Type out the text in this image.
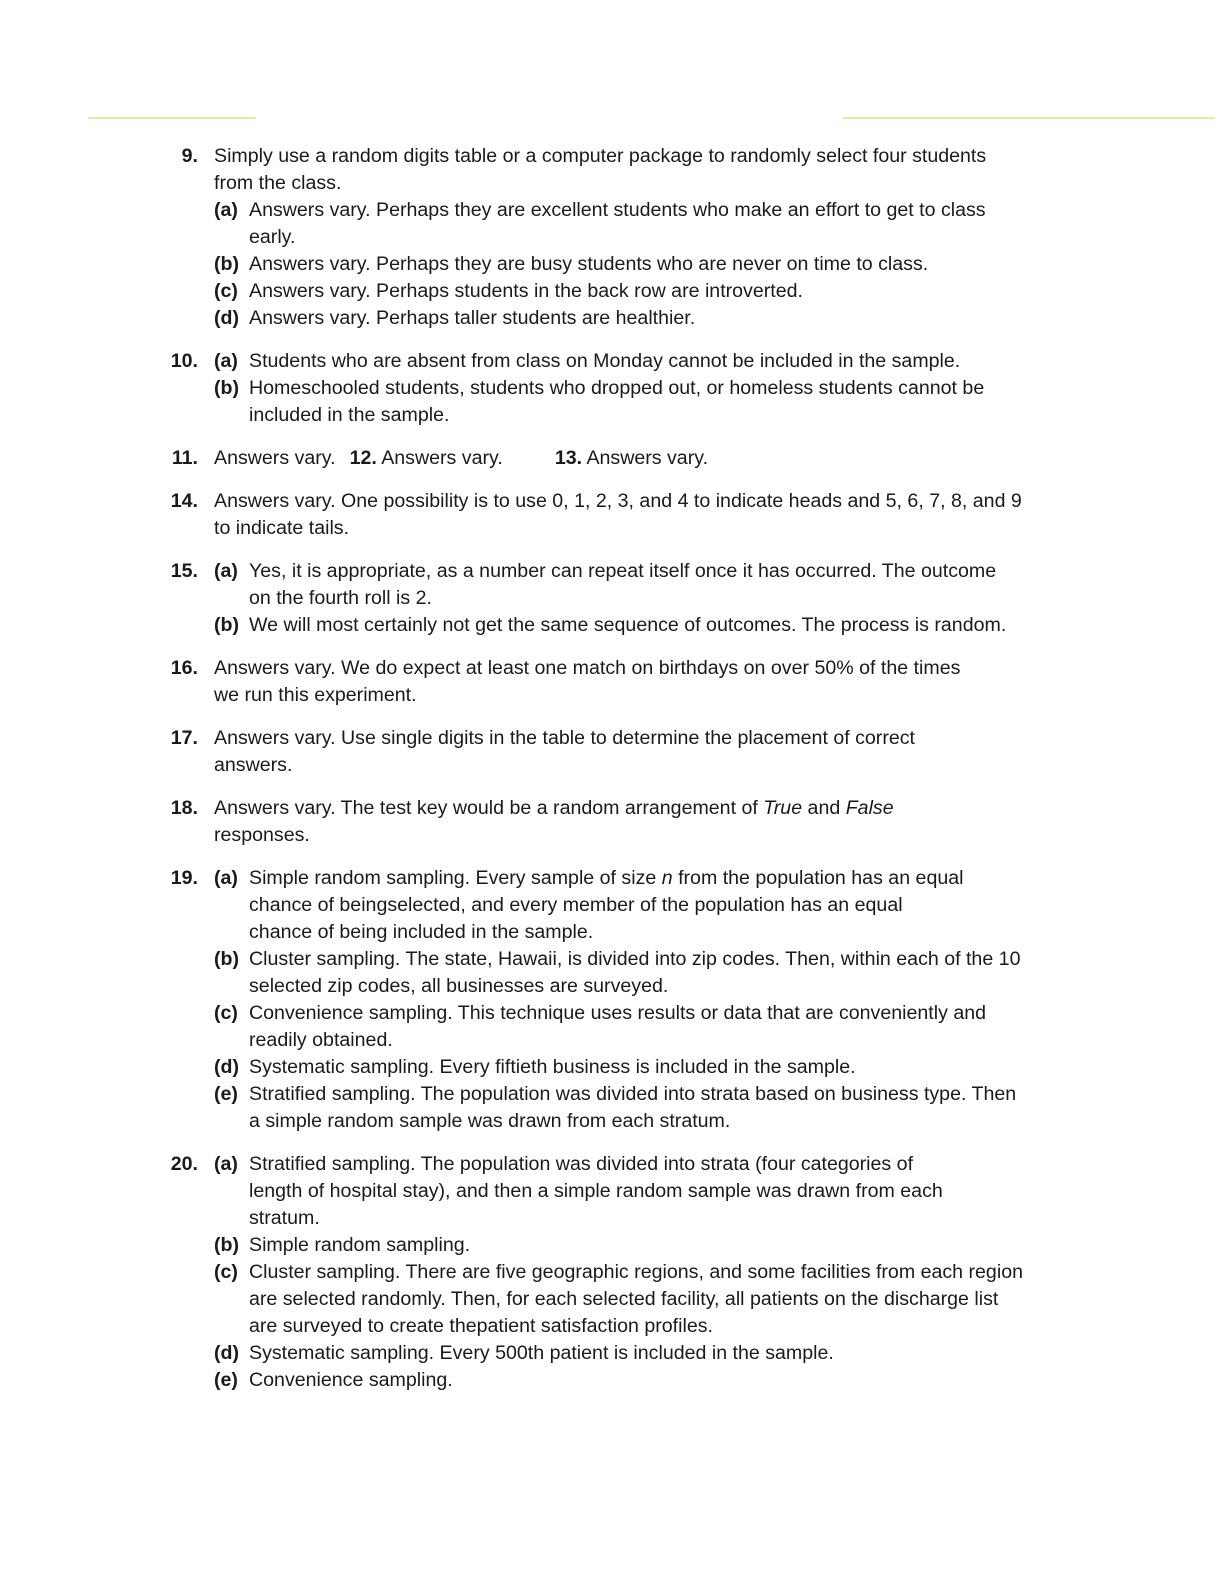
9. Simply use a random digits table or a computer package to randomly select four students
from the class.
(a) Answers vary. Perhaps they are excellent students who make an effort to get to class
early.
(b) Answers vary. Perhaps they are busy students who are never on time to class.
(c) Answers vary. Perhaps students in the back row are introverted.
(d) Answers vary. Perhaps taller students are healthier.
10. (a) Students who are absent from class on Monday cannot be included in the sample.
(b) Homeschooled students, students who dropped out, or homeless students cannot be
included in the sample.
11. Answers vary. 12. Answers vary.	13. Answers vary.
14. Answers vary. One possibility is to use 0, 1, 2, 3, and 4 to indicate heads and 5, 6, 7, 8, and 9
to indicate tails.
15. (a) Yes, it is appropriate, as a number can repeat itself once it has occurred. The outcome
on the fourth roll is 2.
(b) We will most certainly not get the same sequence of outcomes. The process is random.
16. Answers vary. We do expect at least one match on birthdays on over 50% of the times
we run this experiment.
17. Answers vary. Use single digits in the table to determine the placement of correct
answers.
18. Answers vary. The test key would be a random arrangement of True and False
responses.
19. (a) Simple random sampling. Every sample of size n from the population has an equal
chance of beingselected, and every member of the population has an equal
chance of being included in the sample.
(b) Cluster sampling. The state, Hawaii, is divided into zip codes. Then, within each of the 10
selected zip codes, all businesses are surveyed.
(c) Convenience sampling. This technique uses results or data that are conveniently and
readily obtained.
(d) Systematic sampling. Every fiftieth business is included in the sample.
(e) Stratified sampling. The population was divided into strata based on business type. Then
a simple random sample was drawn from each stratum.
20. (a) Stratified sampling. The population was divided into strata (four categories of
length of hospital stay), and then a simple random sample was drawn from each
stratum.
(b) Simple random sampling.
(c) Cluster sampling. There are five geographic regions, and some facilities from each region
are selected randomly. Then, for each selected facility, all patients on the discharge list
are surveyed to create thepatient satisfaction profiles.
(d) Systematic sampling. Every 500th patient is included in the sample.
(e) Convenience sampling.
